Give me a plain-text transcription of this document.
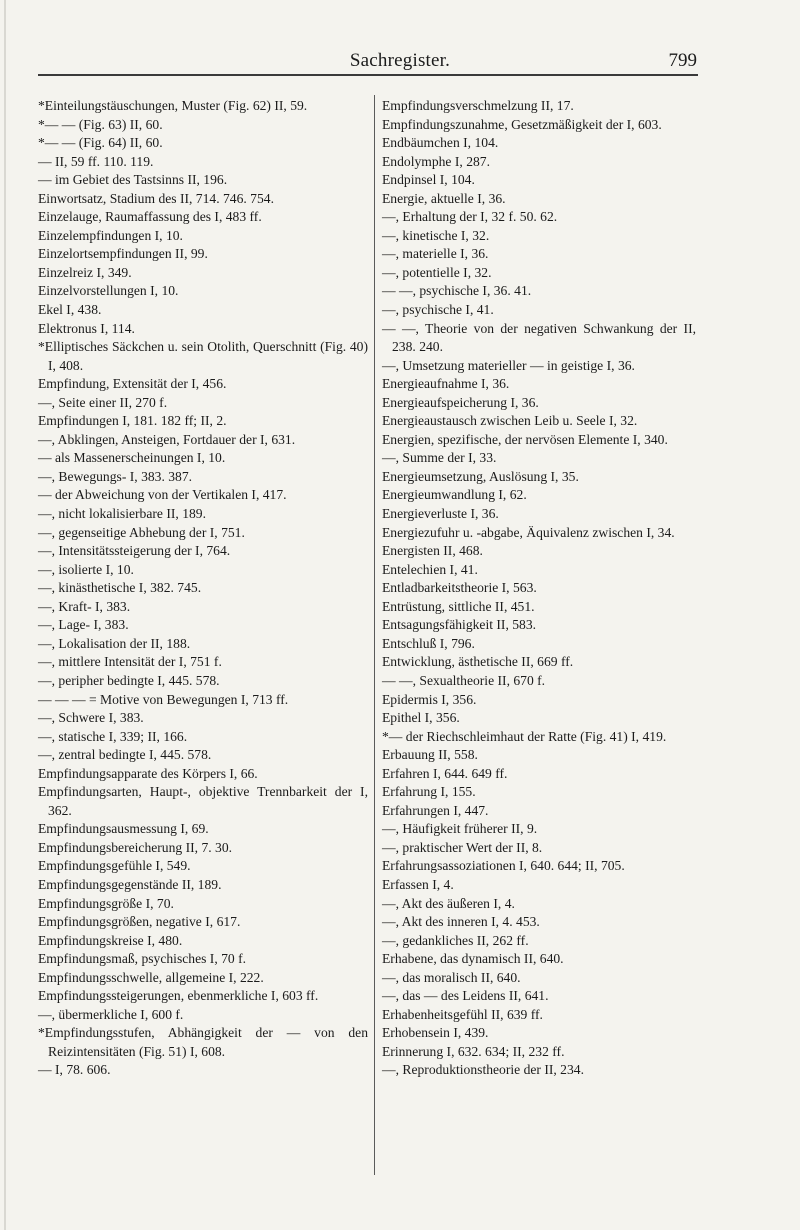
Sachregister.	799
*Einteilungstäuschungen, Muster (Fig. 62) II, 59.
*— — (Fig. 63) II, 60.
*— — (Fig. 64) II, 60.
— II, 59 ff. 110. 119.
— im Gebiet des Tastsinns II, 196.
Einwortsatz, Stadium des II, 714. 746. 754.
Einzelauge, Raumaffassung des I, 483 ff.
Einzelempfindungen I, 10.
Einzelortsempfindungen II, 99.
Einzelreiz I, 349.
Einzelvorstellungen I, 10.
Ekel I, 438.
Elektronus I, 114.
*Elliptisches Säckchen u. sein Otolith, Querschnitt (Fig. 40) I, 408.
Empfindung, Extensität der I, 456.
—, Seite einer II, 270 f.
Empfindungen I, 181. 182 ff; II, 2.
—, Abklingen, Ansteigen, Fortdauer der I, 631.
— als Massenerscheinungen I, 10.
—, Bewegungs- I, 383. 387.
— der Abweichung von der Vertikalen I, 417.
—, nicht lokalisierbare II, 189.
—, gegenseitige Abhebung der I, 751.
—, Intensitätssteigerung der I, 764.
—, isolierte I, 10.
—, kinästhetische I, 382. 745.
—, Kraft- I, 383.
—, Lage- I, 383.
—, Lokalisation der II, 188.
—, mittlere Intensität der I, 751 f.
—, peripher bedingte I, 445. 578.
— — — = Motive von Bewegungen I, 713 ff.
—, Schwere I, 383.
—, statische I, 339; II, 166.
—, zentral bedingte I, 445. 578.
Empfindungsapparate des Körpers I, 66.
Empfindungsarten, Haupt-, objektive Trennbarkeit der I, 362.
Empfindungsausmessung I, 69.
Empfindungsbereicherung II, 7. 30.
Empfindungsgefühle I, 549.
Empfindungsgegenstände II, 189.
Empfindungsgröße I, 70.
Empfindungsgrößen, negative I, 617.
Empfindungskreise I, 480.
Empfindungsmaß, psychisches I, 70 f.
Empfindungsschwelle, allgemeine I, 222.
Empfindungssteigerungen, ebenmerkliche I, 603 ff.
—, übermerkliche I, 600 f.
*Empfindungsstufen, Abhängigkeit der — von den Reizintensitäten (Fig. 51) I, 608.
— I, 78. 606.
Empfindungsverschmelzung II, 17.
Empfindungszunahme, Gesetzmäßigkeit der I, 603.
Endbäumchen I, 104.
Endolymphe I, 287.
Endpinsel I, 104.
Energie, aktuelle I, 36.
—, Erhaltung der I, 32 f. 50. 62.
—, kinetische I, 32.
—, materielle I, 36.
—, potentielle I, 32.
— —, psychische I, 36. 41.
—, psychische I, 41.
— —, Theorie von der negativen Schwankung der II, 238. 240.
—, Umsetzung materieller — in geistige I, 36.
Energieaufnahme I, 36.
Energieaufspeicherung I, 36.
Energieaustausch zwischen Leib u. Seele I, 32.
Energien, spezifische, der nervösen Elemente I, 340.
—, Summe der I, 33.
Energieumsetzung, Auslösung I, 35.
Energieumwandlung I, 62.
Energieverluste I, 36.
Energiezufuhr u. -abgabe, Äquivalenz zwischen I, 34.
Energisten II, 468.
Entelechien I, 41.
Entladbarkeitstheorie I, 563.
Entrüstung, sittliche II, 451.
Entsagungsfähigkeit II, 583.
Entschluß I, 796.
Entwicklung, ästhetische II, 669 ff.
— —, Sexualtheorie II, 670 f.
Epidermis I, 356.
Epithel I, 356.
*— der Riechschleimhaut der Ratte (Fig. 41) I, 419.
Erbauung II, 558.
Erfahren I, 644. 649 ff.
Erfahrung I, 155.
Erfahrungen I, 447.
—, Häufigkeit früherer II, 9.
—, praktischer Wert der II, 8.
Erfahrungsassoziationen I, 640. 644; II, 705.
Erfassen I, 4.
—, Akt des äußeren I, 4.
—, Akt des inneren I, 4. 453.
—, gedankliches II, 262 ff.
Erhabene, das dynamisch II, 640.
—, das moralisch II, 640.
—, das — des Leidens II, 641.
Erhabenheitsgefühl II, 639 ff.
Erhobensein I, 439.
Erinnerung I, 632. 634; II, 232 ff.
—, Reproduktionstheorie der II, 234.
